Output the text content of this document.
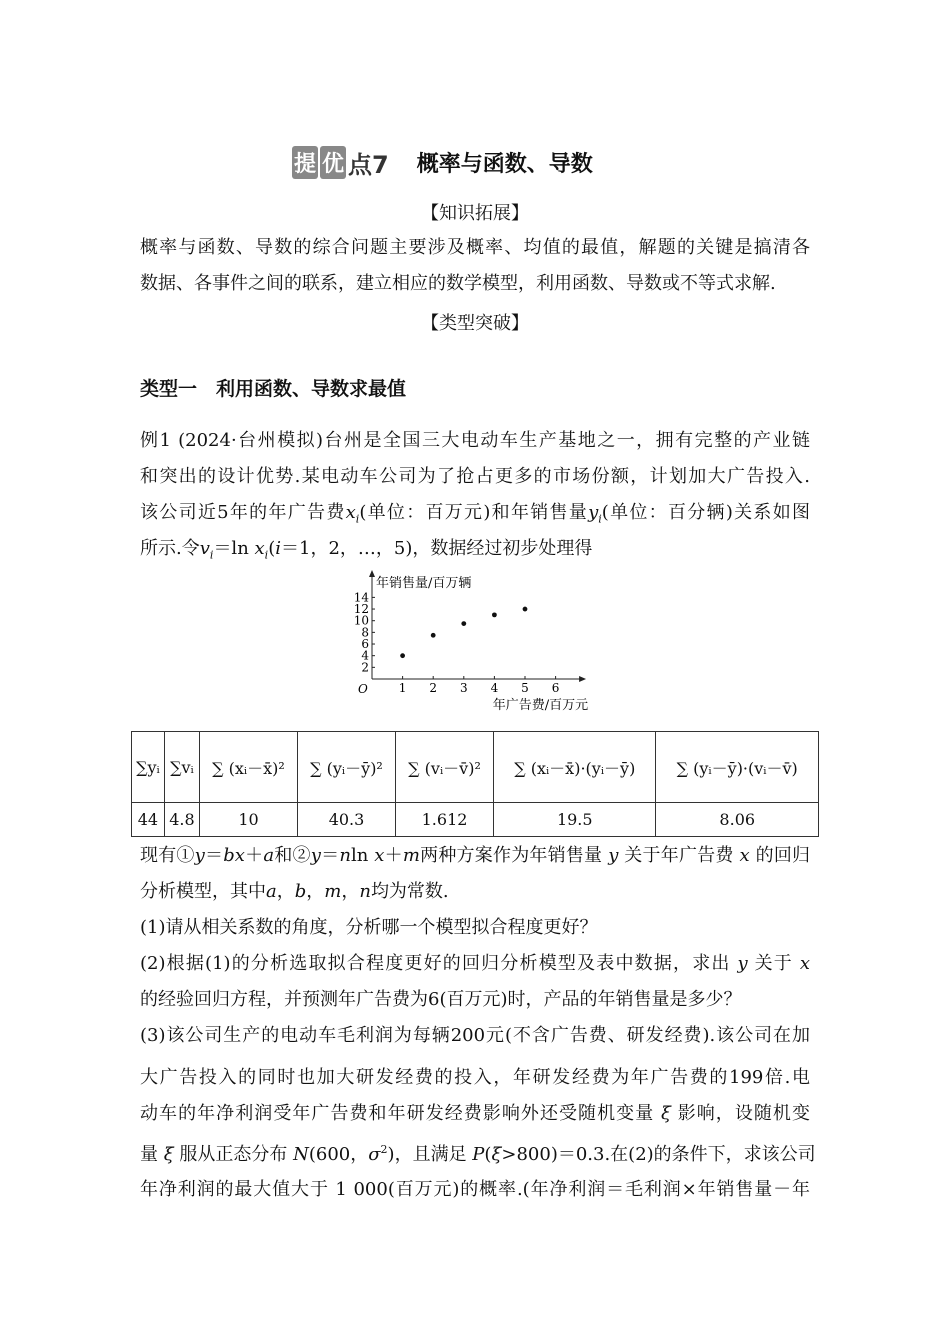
提 优 点7 概率与函数、导数
【知识拓展】
概率与函数、导数的综合问题主要涉及概率、均值的最值，解题的关键是搞清各
数据、各事件之间的联系，建立相应的数学模型，利用函数、导数或不等式求解.
【类型突破】
类型一　利用函数、导数求最值
例1 (2024·台州模拟)台州是全国三大电动车生产基地之一，拥有完整的产业链
和突出的设计优势.某电动车公司为了抢占更多的市场份额，计划加大广告投入.
该公司近5年的年广告费$x_i$(单位：百万元)和年销售量$y_i$(单位：百分辆)关系如图
所示.令$v_i=\ln$ $x_i(i=1$，2，…，5)，数据经过初步处理得
现有①y＝bx＋a和②y＝nln x＋m两种方案作为年销售量 y 关于年广告费 x 的回归
分析模型，其中a，b，m，n均为常数.
(1)请从相关系数的角度，分析哪一个模型拟合程度更好？
(2)根据(1)的分析选取拟合程度更好的回归分析模型及表中数据，求出 y 关于 x
的经验回归方程，并预测年广告费为6(百万元)时，产品的年销售量是多少？
(3)该公司生产的电动车毛利润为每辆200元(不含广告费、研发经费).该公司在加
大广告投入的同时也加大研发经费的投入，年研发经费为年广告费的199倍.电
动车的年净利润受年广告费和年研发经费影响外还受随机变量 ξ 影响，设随机变
量 ξ 服从正态分布 N(600，$\sigma^2$)，且满足 P(ξ>800)＝0.3.在(2)的条件下，求该公司
年净利润的最大值大于 1 000(百万元)的概率.(年净利润＝毛利润×年销售量－年
1 2 3 4 5 6
2
4
6
8
10
12
14
O
年销售量/百万辆
年广告费/百万元
∑yᵢ	∑vᵢ	∑ (xᵢ－x̄)²	∑ (yᵢ－ȳ)²	∑ (vᵢ－v̄)²	∑ (xᵢ－x̄)·(yᵢ－ȳ)	∑ (yᵢ－ȳ)·(vᵢ－v̄)
44	4.8	10	40.3	1.612	19.5	8.06
